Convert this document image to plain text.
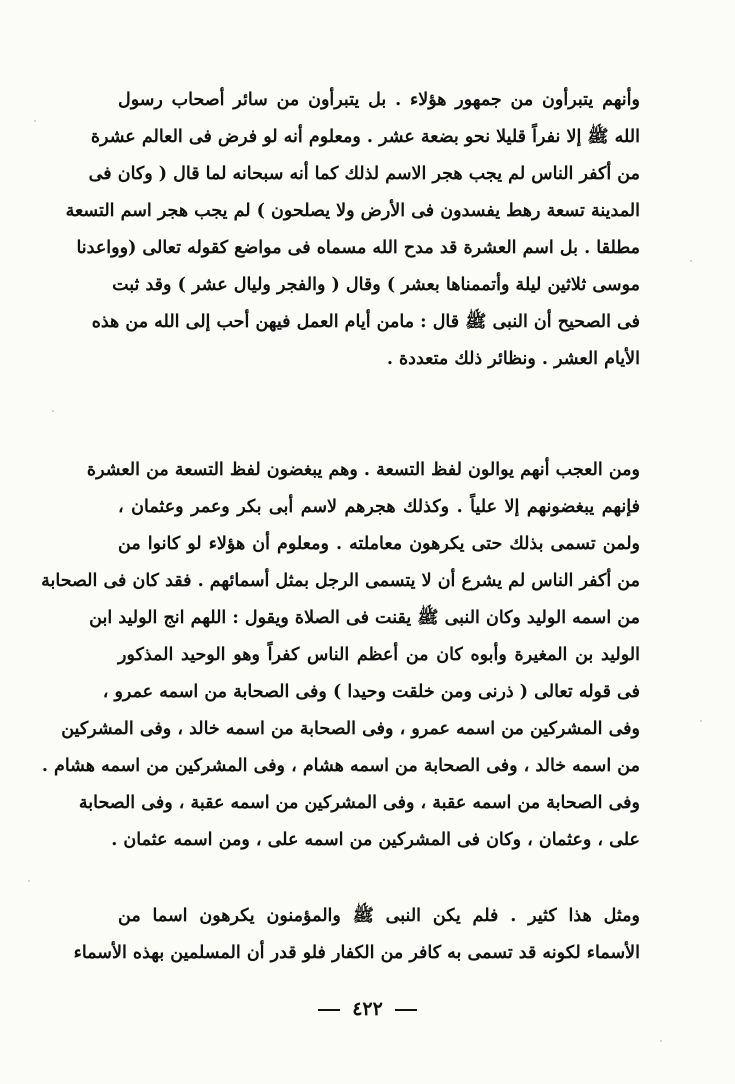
وأنهم يتبرأون من جمهور هؤلاء . بل يتبرأون من سائر أصحاب رسول
الله ﷺ إلا نفراً قليلا نحو بضعة عشر . ومعلوم أنه لو فرض فى العالم عشرة
من أكفر الناس لم يجب هجر الاسم لذلك كما أنه سبحانه لما قال ( وكان فى
المدينة تسعة رهط يفسدون فى الأرض ولا يصلحون ) لم يجب هجر اسم التسعة
مطلقا . بل اسم العشرة قد مدح الله مسماه فى مواضع كقوله تعالى (وواعدنا
موسى ثلاثين ليلة وأتممناها بعشر ) وقال ( والفجر وليال عشر ) وقد ثبت
فى الصحيح أن النبى ﷺ قال : مامن أيام العمل فيهن أحب إلى الله من هذه
الأيام العشر . ونظائر ذلك متعددة .
ومن العجب أنهم يوالون لفظ التسعة . وهم يبغضون لفظ التسعة من العشرة
فإنهم يبغضونهم إلا علياً . وكذلك هجرهم لاسم أبى بكر وعمر وعثمان ،
ولمن تسمى بذلك حتى يكرهون معاملته . ومعلوم أن هؤلاء لو كانوا من
من أكفر الناس لم يشرع أن لا يتسمى الرجل بمثل أسمائهم . فقد كان فى الصحابة
من اسمه الوليد وكان النبى ﷺ يقنت فى الصلاة ويقول : اللهم انج الوليد ابن
الوليد بن المغيرة وأبوه كان من أعظم الناس كفراً وهو الوحيد المذكور
فى قوله تعالى ( ذرنى ومن خلقت وحيدا ) وفى الصحابة من اسمه عمرو ،
وفى المشركين من اسمه عمرو ، وفى الصحابة من اسمه خالد ، وفى المشركين
من اسمه خالد ، وفى الصحابة من اسمه هشام ، وفى المشركين من اسمه هشام .
وفى الصحابة من اسمه عقبة ، وفى المشركين من اسمه عقبة ، وفى الصحابة
على ، وعثمان ، وكان فى المشركين من اسمه على ، ومن اسمه عثمان .
ومثل هذا كثير . فلم يكن النبى ﷺ والمؤمنون يكرهون اسما من
الأسماء لكونه قد تسمى به كافر من الكفار فلو قدر أن المسلمين بهذه الأسماء
٤٢٢
